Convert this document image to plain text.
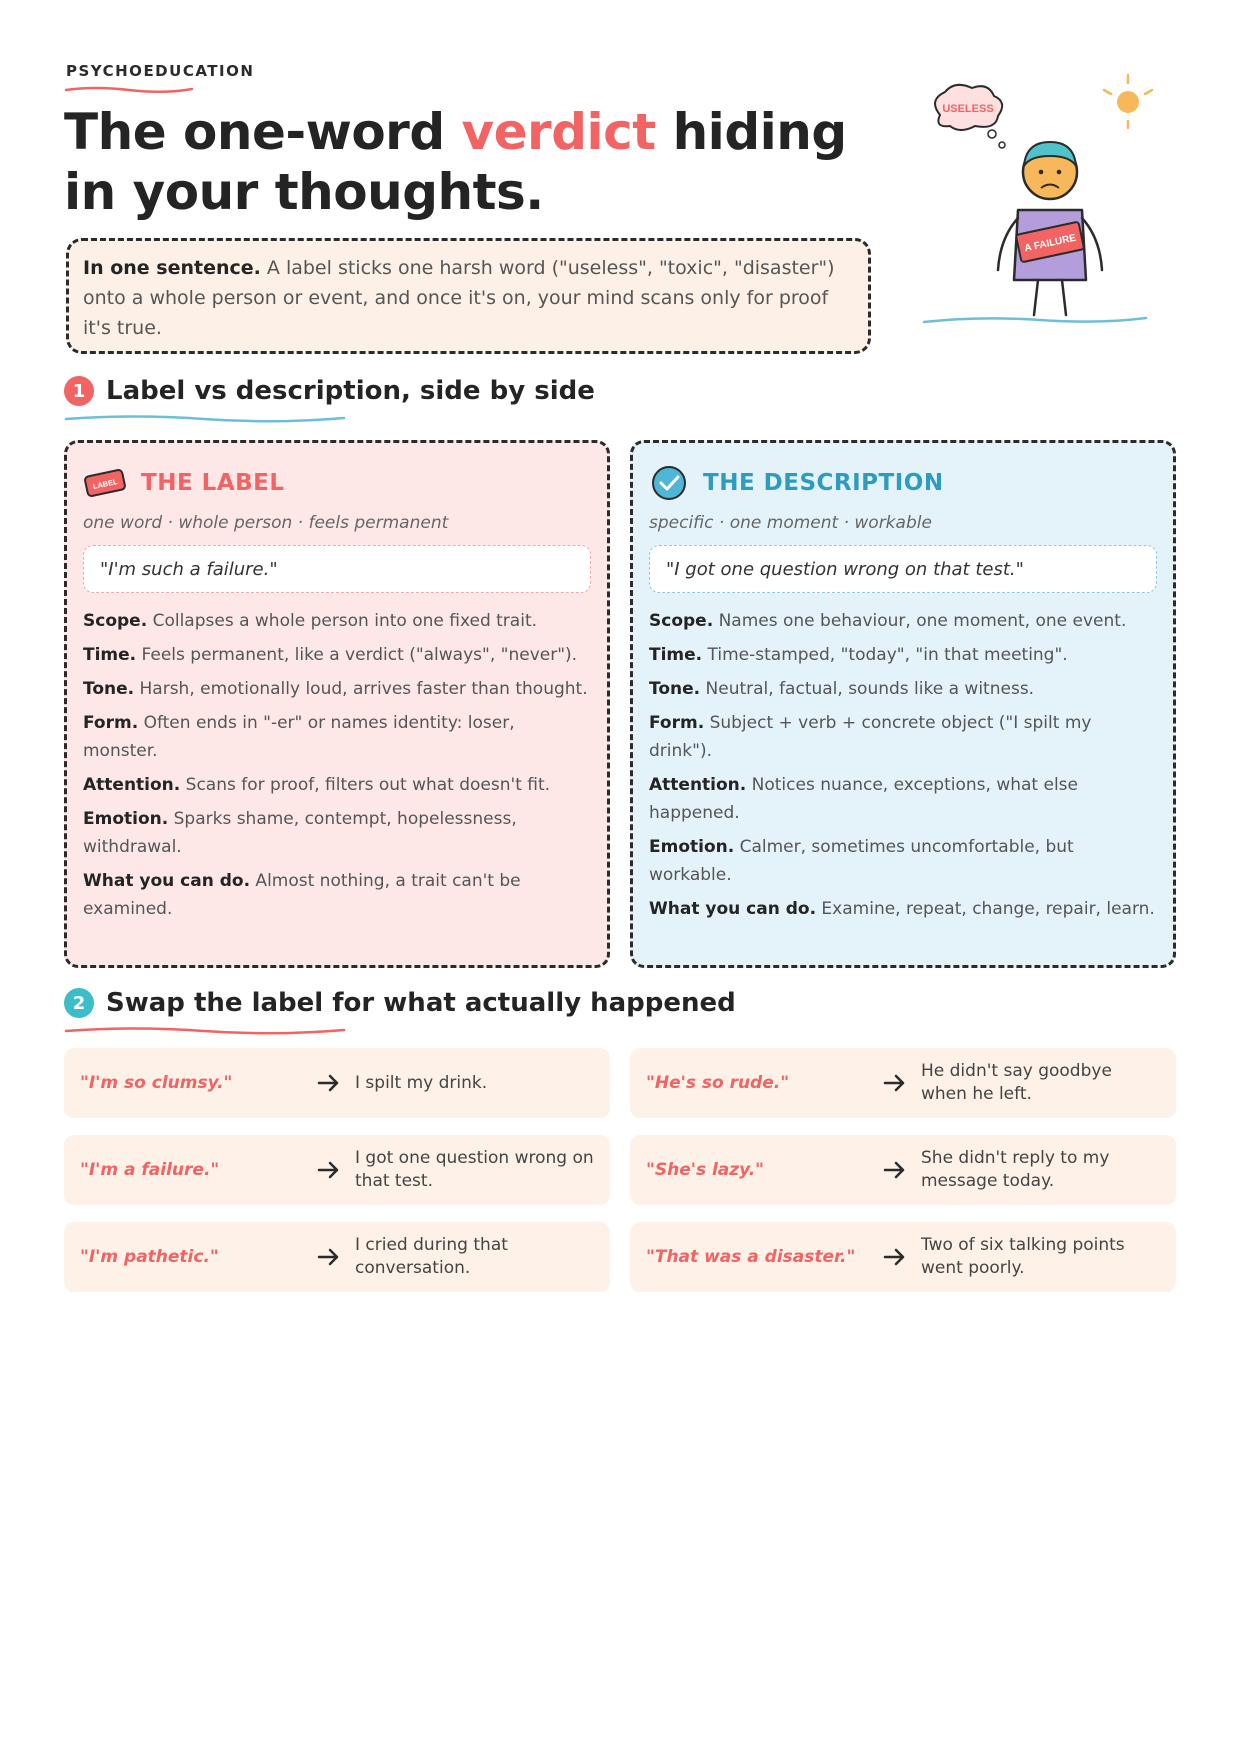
PSYCHOEDUCATION
The one-word verdict hiding
in your thoughts.
In one sentence. A label sticks one harsh word ("useless", "toxic", "disaster") onto a whole person or event, and once it's on, your mind scans only for proof it's true.
USELESS
A FAILURE
1 Label vs description, side by side
LABEL THE LABEL
one word · whole person · feels permanent
"I'm such a failure."
Scope. Collapses a whole person into one fixed trait.
Time. Feels permanent, like a verdict ("always", "never").
Tone. Harsh, emotionally loud, arrives faster than thought.
Form. Often ends in "-er" or names identity: loser, monster.
Attention. Scans for proof, filters out what doesn't fit.
Emotion. Sparks shame, contempt, hopelessness, withdrawal.
What you can do. Almost nothing, a trait can't be examined.
THE DESCRIPTION
specific · one moment · workable
"I got one question wrong on that test."
Scope. Names one behaviour, one moment, one event.
Time. Time-stamped, "today", "in that meeting".
Tone. Neutral, factual, sounds like a witness.
Form. Subject + verb + concrete object ("I spilt my drink").
Attention. Notices nuance, exceptions, what else happened.
Emotion. Calmer, sometimes uncomfortable, but workable.
What you can do. Examine, repeat, change, repair, learn.
2 Swap the label for what actually happened
"I'm so clumsy."	I spilt my drink.	"He's so rude."
He didn't say goodbye when he left.
"I'm a failure."
I got one question wrong on that test.
"She's lazy."
She didn't reply to my message today.
"I'm pathetic."
I cried during that conversation.
"That was a disaster."
Two of six talking points went poorly.
